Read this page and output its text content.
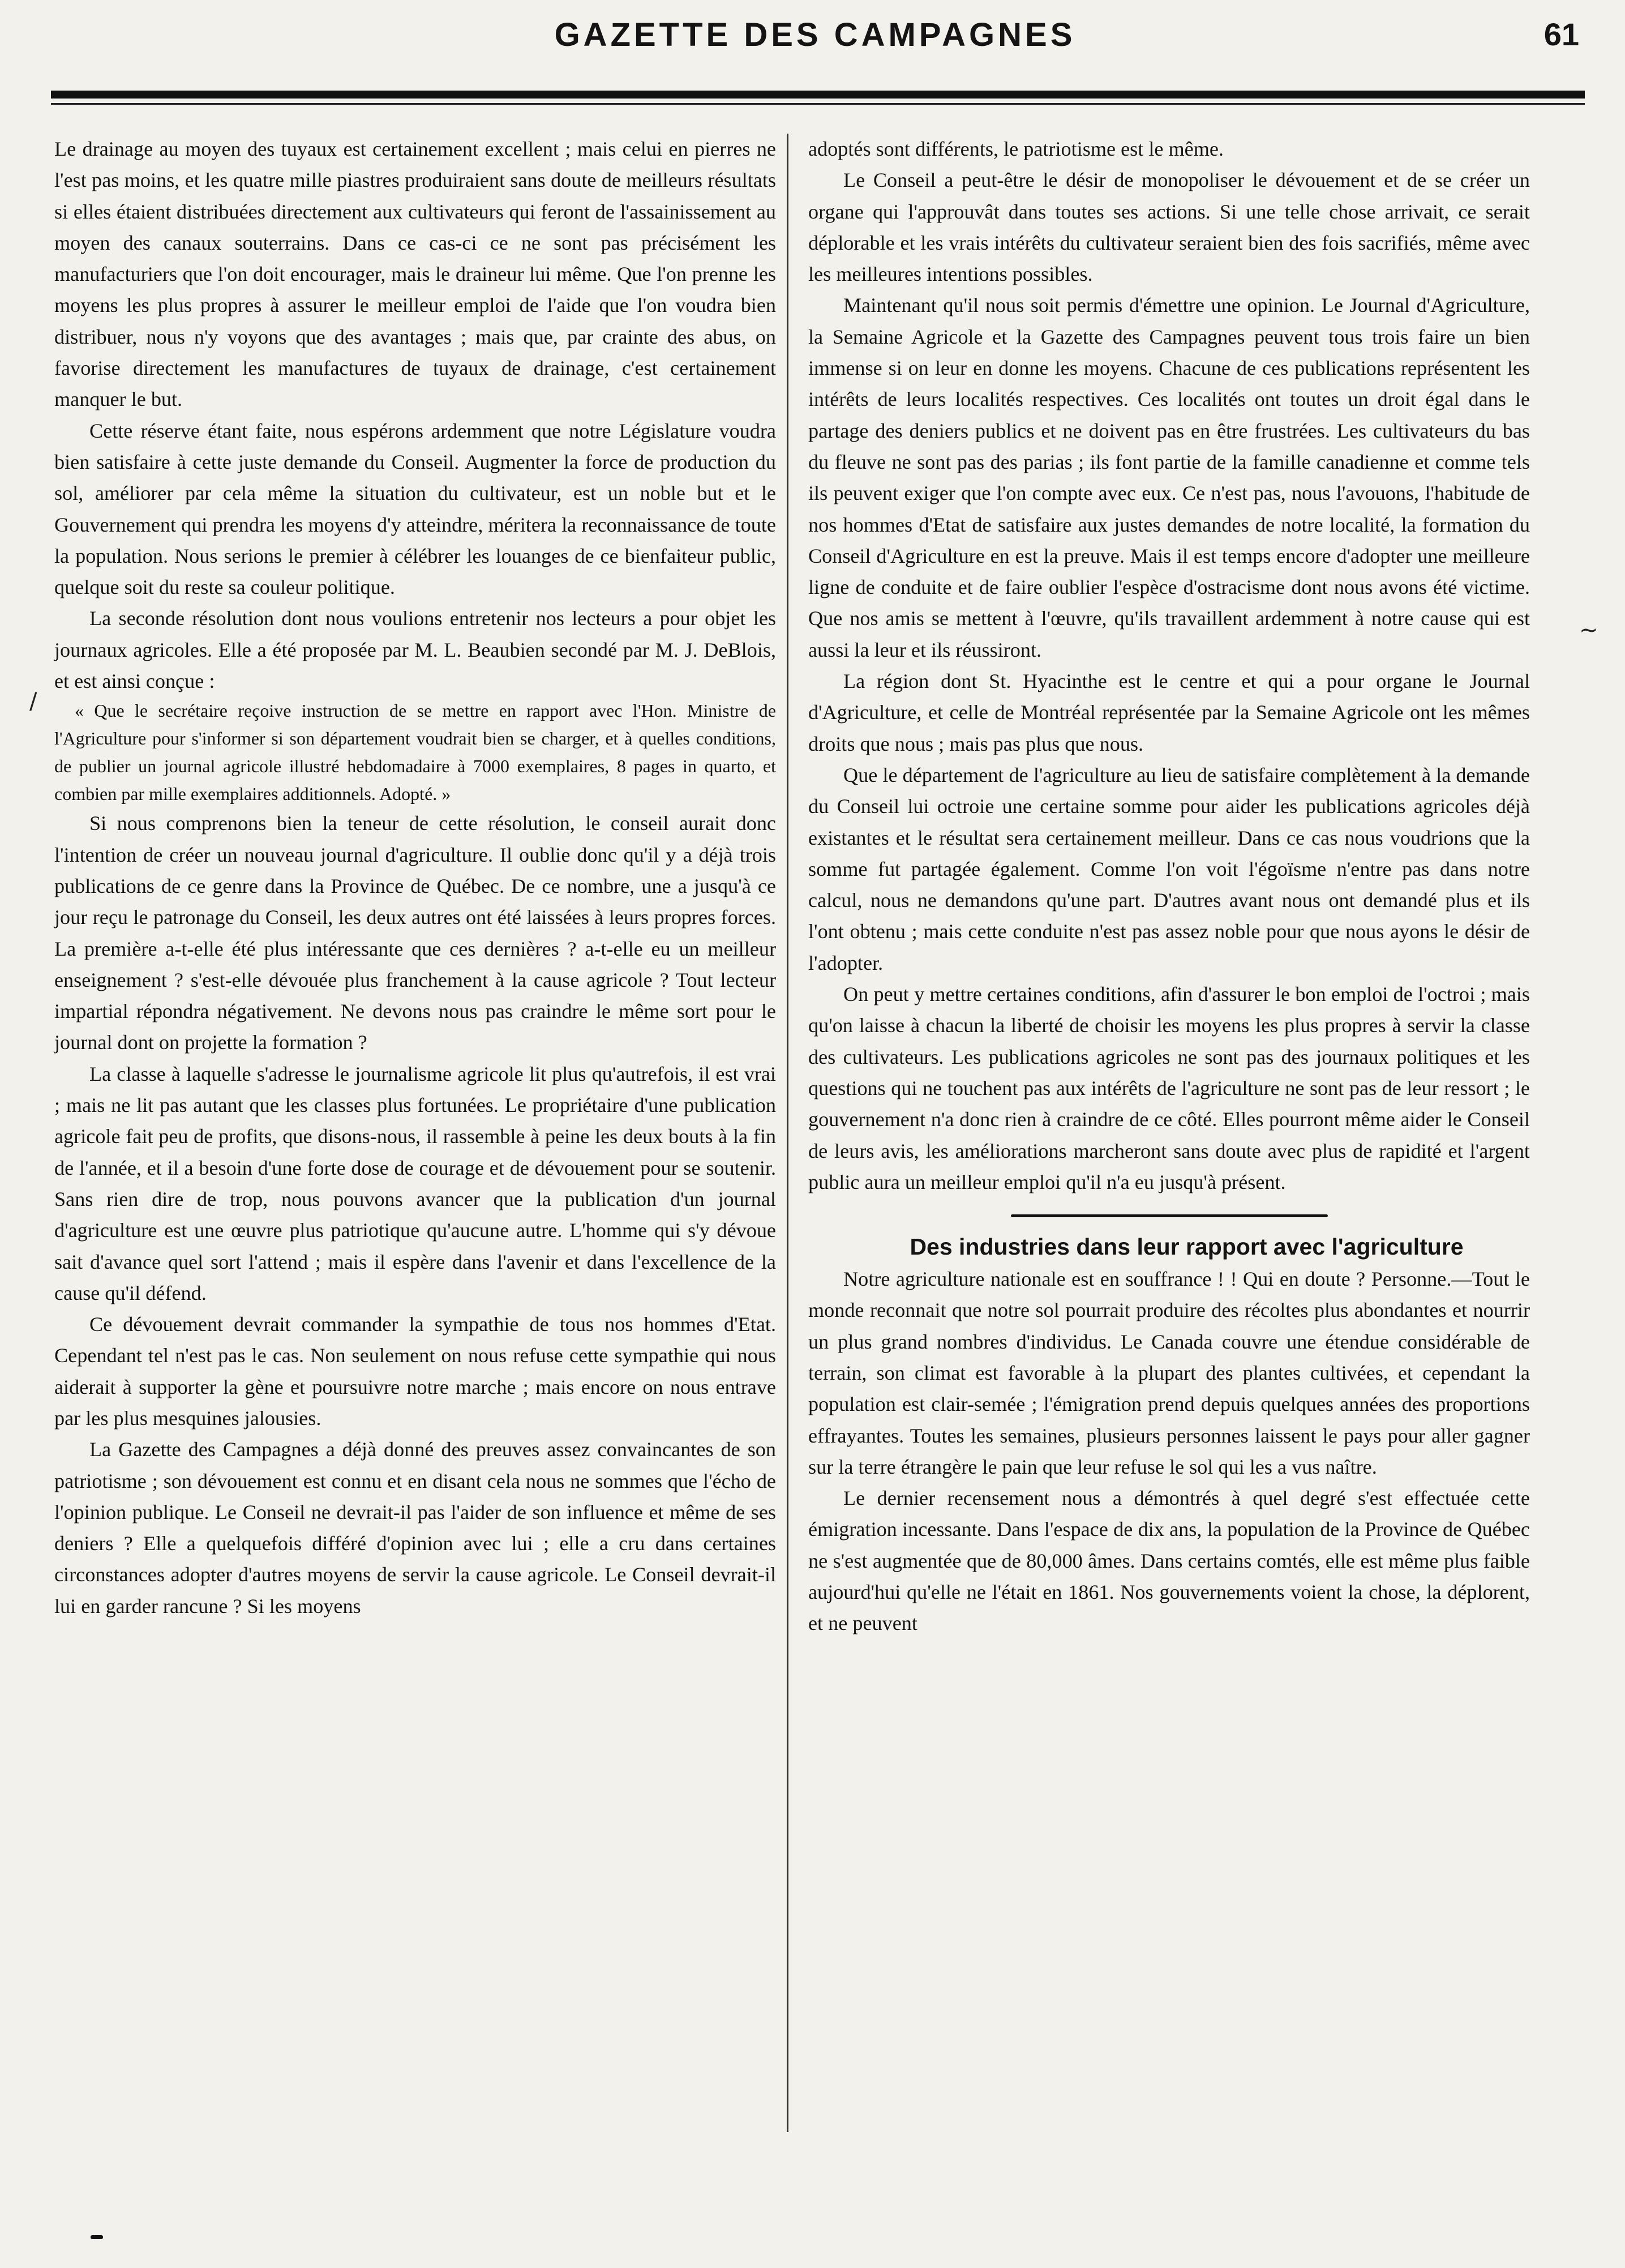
GAZETTE DES CAMPAGNES	61

Le drainage au moyen des tuyaux est certainement excellent ; mais celui en pierres ne l'est pas moins, et les quatre mille piastres produiraient sans doute de meilleurs résultats si elles étaient distribuées directement aux cultivateurs qui feront de l'assainissement au moyen des canaux souterrains. Dans ce cas-ci ce ne sont pas précisément les manufacturiers que l'on doit encourager, mais le draineur lui même. Que l'on prenne les moyens les plus propres à assurer le meilleur emploi de l'aide que l'on voudra bien distribuer, nous n'y voyons que des avantages ; mais que, par crainte des abus, on favorise directement les manufactures de tuyaux de drainage, c'est certainement manquer le but.

Cette réserve étant faite, nous espérons ardemment que notre Législature voudra bien satisfaire à cette juste demande du Conseil. Augmenter la force de production du sol, améliorer par cela même la situation du cultivateur, est un noble but et le Gouvernement qui prendra les moyens d'y atteindre, méritera la reconnaissance de toute la population. Nous serions le premier à célébrer les louanges de ce bienfaiteur public, quelque soit du reste sa couleur politique.

La seconde résolution dont nous voulions entretenir nos lecteurs a pour objet les journaux agricoles. Elle a été proposée par M. L. Beaubien secondé par M. J. DeBlois, et est ainsi conçue :

« Que le secrétaire reçoive instruction de se mettre en rapport avec l'Hon. Ministre de l'Agriculture pour s'informer si son département voudrait bien se charger, et à quelles conditions, de publier un journal agricole illustré hebdomadaire à 7000 exemplaires, 8 pages in quarto, et combien par mille exemplaires additionnels. Adopté. »

Si nous comprenons bien la teneur de cette résolution, le conseil aurait donc l'intention de créer un nouveau journal d'agriculture. Il oublie donc qu'il y a déjà trois publications de ce genre dans la Province de Québec. De ce nombre, une a jusqu'à ce jour reçu le patronage du Conseil, les deux autres ont été laissées à leurs propres forces. La première a-t-elle été plus intéressante que ces dernières ? a-t-elle eu un meilleur enseignement ? s'est-elle dévouée plus franchement à la cause agricole ? Tout lecteur impartial répondra négativement. Ne devons nous pas craindre le même sort pour le journal dont on projette la formation ?

La classe à laquelle s'adresse le journalisme agricole lit plus qu'autrefois, il est vrai ; mais ne lit pas autant que les classes plus fortunées. Le propriétaire d'une publication agricole fait peu de profits, que disons-nous, il rassemble à peine les deux bouts à la fin de l'année, et il a besoin d'une forte dose de courage et de dévouement pour se soutenir. Sans rien dire de trop, nous pouvons avancer que la publication d'un journal d'agriculture est une œuvre plus patriotique qu'aucune autre. L'homme qui s'y dévoue sait d'avance quel sort l'attend ; mais il espère dans l'avenir et dans l'excellence de la cause qu'il défend.

Ce dévouement devrait commander la sympathie de tous nos hommes d'Etat. Cependant tel n'est pas le cas. Non seulement on nous refuse cette sympathie qui nous aiderait à supporter la gène et poursuivre notre marche ; mais encore on nous entrave par les plus mesquines jalousies.

La Gazette des Campagnes a déjà donné des preuves assez convaincantes de son patriotisme ; son dévouement est connu et en disant cela nous ne sommes que l'écho de l'opinion publique. Le Conseil ne devrait-il pas l'aider de son influence et même de ses deniers ? Elle a quelquefois différé d'opinion avec lui ; elle a cru dans certaines circonstances adopter d'autres moyens de servir la cause agricole. Le Conseil devrait-il lui en garder rancune ? Si les moyens

adoptés sont différents, le patriotisme est le même.

Le Conseil a peut-être le désir de monopoliser le dévouement et de se créer un organe qui l'approuvât dans toutes ses actions. Si une telle chose arrivait, ce serait déplorable et les vrais intérêts du cultivateur seraient bien des fois sacrifiés, même avec les meilleures intentions possibles.

Maintenant qu'il nous soit permis d'émettre une opinion. Le Journal d'Agriculture, la Semaine Agricole et la Gazette des Campagnes peuvent tous trois faire un bien immense si on leur en donne les moyens. Chacune de ces publications représentent les intérêts de leurs localités respectives. Ces localités ont toutes un droit égal dans le partage des deniers publics et ne doivent pas en être frustrées. Les cultivateurs du bas du fleuve ne sont pas des parias ; ils font partie de la famille canadienne et comme tels ils peuvent exiger que l'on compte avec eux. Ce n'est pas, nous l'avouons, l'habitude de nos hommes d'Etat de satisfaire aux justes demandes de notre localité, la formation du Conseil d'Agriculture en est la preuve. Mais il est temps encore d'adopter une meilleure ligne de conduite et de faire oublier l'espèce d'ostracisme dont nous avons été victime. Que nos amis se mettent à l'œuvre, qu'ils travaillent ardemment à notre cause qui est aussi la leur et ils réussiront.

La région dont St. Hyacinthe est le centre et qui a pour organe le Journal d'Agriculture, et celle de Montréal représentée par la Semaine Agricole ont les mêmes droits que nous ; mais pas plus que nous.

Que le département de l'agriculture au lieu de satisfaire complètement à la demande du Conseil lui octroie une certaine somme pour aider les publications agricoles déjà existantes et le résultat sera certainement meilleur. Dans ce cas nous voudrions que la somme fut partagée également. Comme l'on voit l'égoïsme n'entre pas dans notre calcul, nous ne demandons qu'une part. D'autres avant nous ont demandé plus et ils l'ont obtenu ; mais cette conduite n'est pas assez noble pour que nous ayons le désir de l'adopter.

On peut y mettre certaines conditions, afin d'assurer le bon emploi de l'octroi ; mais qu'on laisse à chacun la liberté de choisir les moyens les plus propres à servir la classe des cultivateurs. Les publications agricoles ne sont pas des journaux politiques et les questions qui ne touchent pas aux intérêts de l'agriculture ne sont pas de leur ressort ; le gouvernement n'a donc rien à craindre de ce côté. Elles pourront même aider le Conseil de leurs avis, les améliorations marcheront sans doute avec plus de rapidité et l'argent public aura un meilleur emploi qu'il n'a eu jusqu'à présent.

Des industries dans leur rapport avec l'agriculture

Notre agriculture nationale est en souffrance ! ! Qui en doute ? Personne.—Tout le monde reconnait que notre sol pourrait produire des récoltes plus abondantes et nourrir un plus grand nombres d'individus. Le Canada couvre une étendue considérable de terrain, son climat est favorable à la plupart des plantes cultivées, et cependant la population est clair-semée ; l'émigration prend depuis quelques années des proportions effrayantes. Toutes les semaines, plusieurs personnes laissent le pays pour aller gagner sur la terre étrangère le pain que leur refuse le sol qui les a vus naître.

Le dernier recensement nous a démontrés à quel degré s'est effectuée cette émigration incessante. Dans l'espace de dix ans, la population de la Province de Québec ne s'est augmentée que de 80,000 âmes. Dans certains comtés, elle est même plus faible aujourd'hui qu'elle ne l'était en 1861. Nos gouvernements voient la chose, la déplorent, et ne peuvent

/
~
